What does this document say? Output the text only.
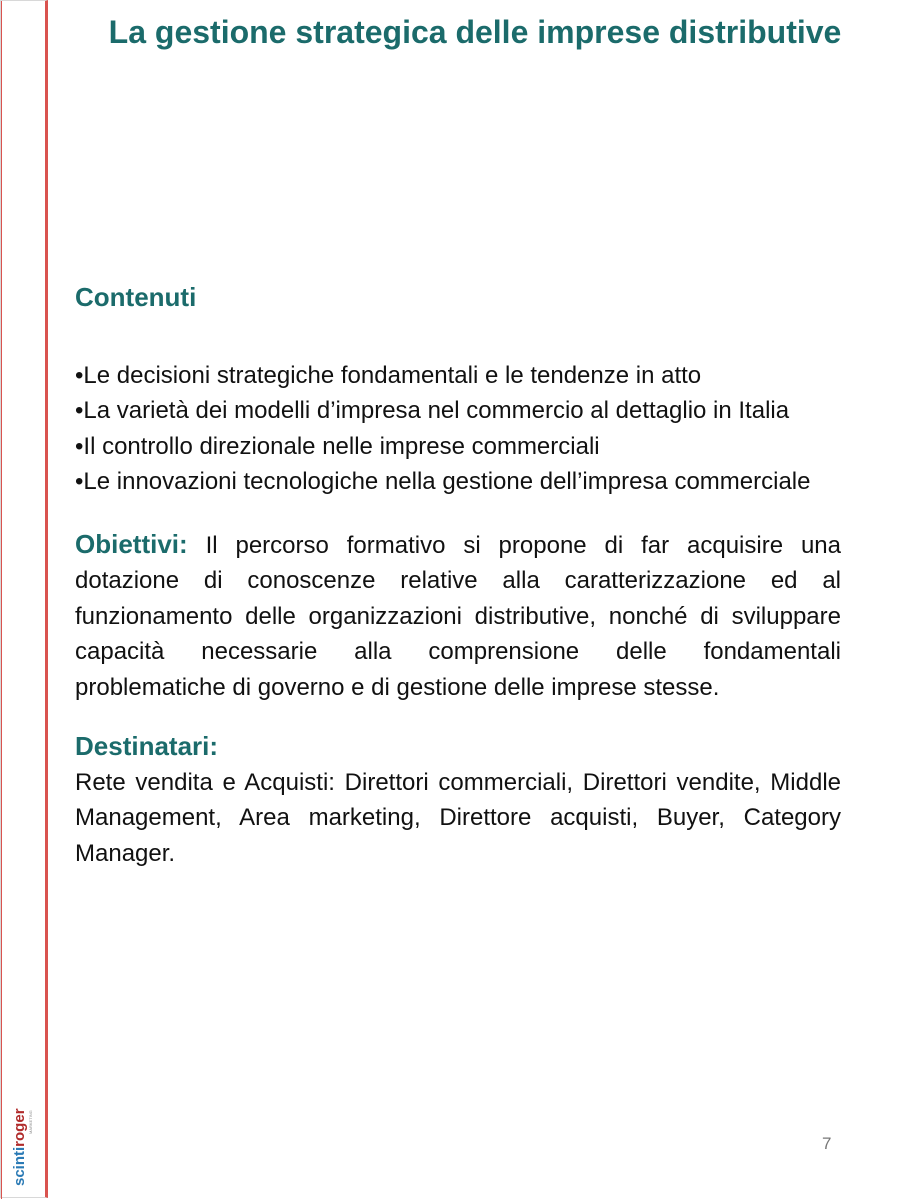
scintiroger MARKETING
La gestione strategica delle imprese distributive

Contenuti

•Le decisioni strategiche fondamentali e le tendenze in atto
•La varietà dei modelli d’impresa nel commercio al dettaglio in Italia
•Il controllo direzionale nelle imprese commerciali
•Le innovazioni tecnologiche nella gestione dell’impresa commerciale

Obiettivi: Il percorso formativo si propone di far acquisire una dotazione di conoscenze relative alla caratterizzazione ed al funzionamento delle organizzazioni distributive, nonché di sviluppare capacità necessarie alla comprensione delle fondamentali problematiche di governo e di gestione delle imprese stesse.

Destinatari:

Rete vendita e Acquisti: Direttori commerciali, Direttori vendite, Middle Management, Area marketing, Direttore acquisti, Buyer, Category Manager.

7
